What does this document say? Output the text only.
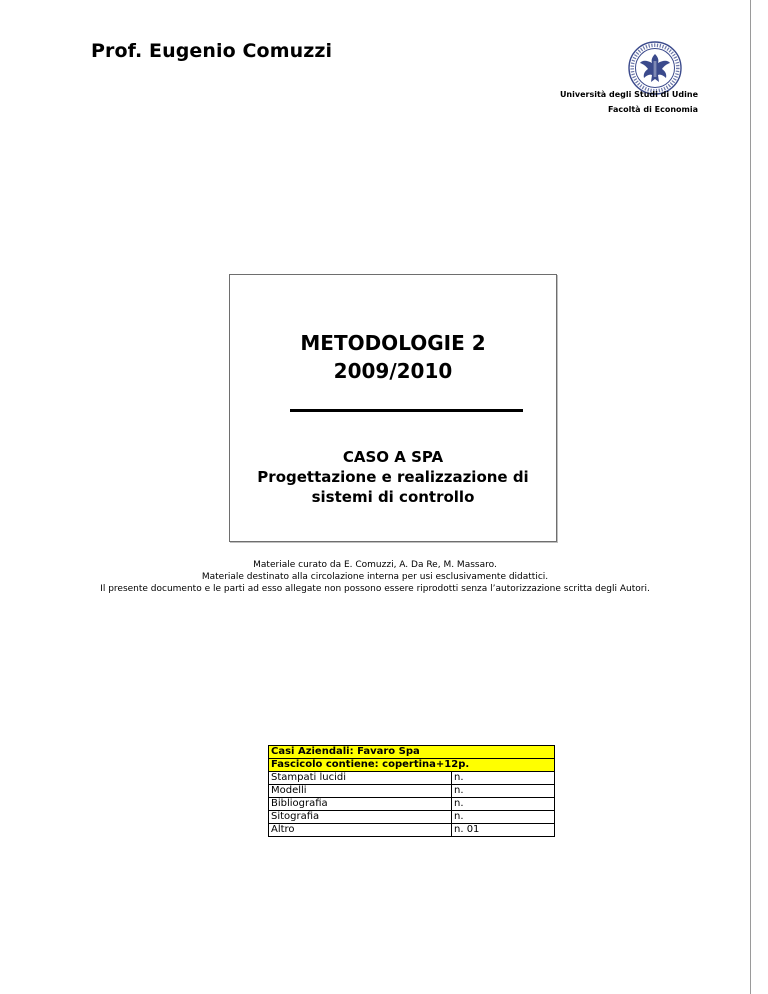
Prof. Eugenio Comuzzi
Università degli Studi di Udine
Facoltà di Economia
METODOLOGIE 2
2009/2010
CASO A SPA
Progettazione e realizzazione di
sistemi di controllo
Materiale curato da E. Comuzzi, A. Da Re, M. Massaro.
Materiale destinato alla circolazione interna per usi esclusivamente didattici.
Il presente documento e le parti ad esso allegate non possono essere riprodotti senza l’autorizzazione scritta degli Autori.
Casi Aziendali: Favaro Spa	
Fascicolo contiene: copertina+12p.	
Stampati lucidi	n.
Modelli	n.
Bibliografia	n.
Sitografia	n.
Altro	n. 01
